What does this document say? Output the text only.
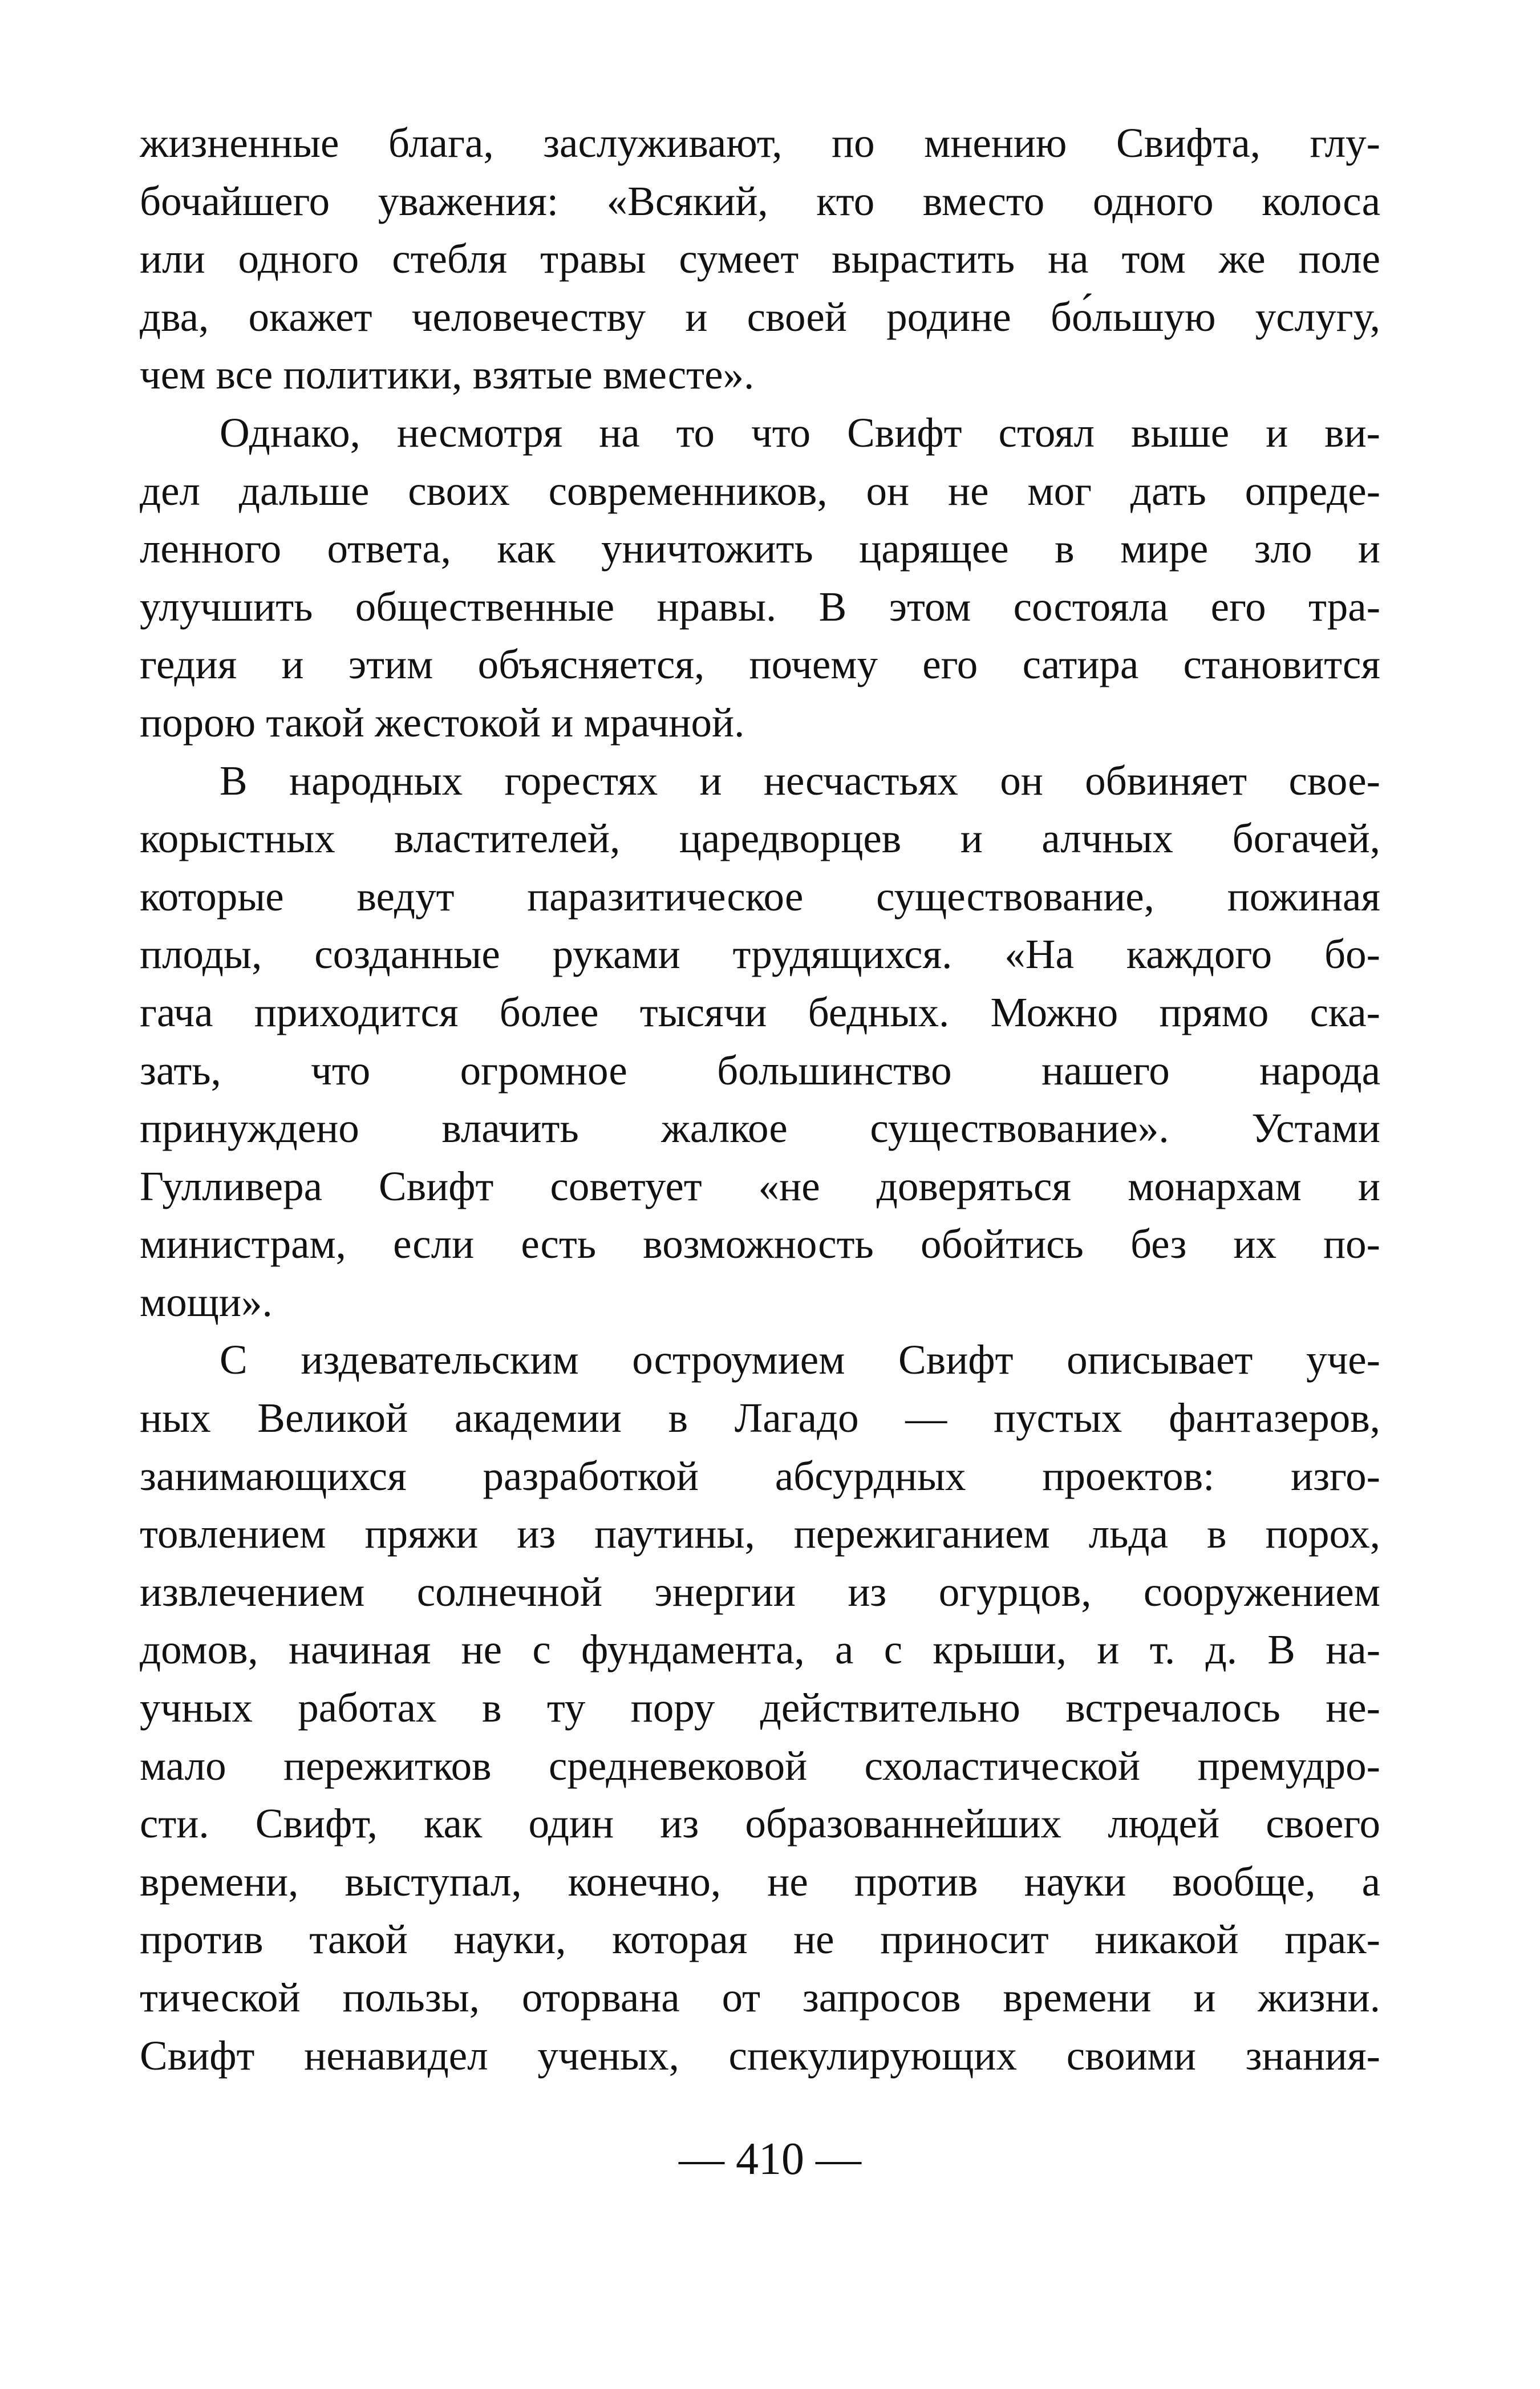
жизненные блага, заслуживают, по мнению Свифта, глу-
бочайшего уважения: «Всякий, кто вместо одного колоса
или одного стебля травы сумеет вырастить на том же поле
два, окажет человечеству и своей родине бо́льшую услугу,
чем все политики, взятые вместе».
Однако, несмотря на то что Свифт стоял выше и ви-
дел дальше своих современников, он не мог дать опреде-
ленного ответа, как уничтожить царящее в мире зло и
улучшить общественные нравы. В этом состояла его тра-
гедия и этим объясняется, почему его сатира становится
порою такой жестокой и мрачной.
В народных горестях и несчастьях он обвиняет свое-
корыстных властителей, царедворцев и алчных богачей,
которые ведут паразитическое существование, пожиная
плоды, созданные руками трудящихся. «На каждого бо-
гача приходится более тысячи бедных. Можно прямо ска-
зать, что огромное большинство нашего народа
принуждено влачить жалкое существование». Устами
Гулливера Свифт советует «не доверяться монархам и
министрам, если есть возможность обойтись без их по-
мощи».
С издевательским остроумием Свифт описывает уче-
ных Великой академии в Лагадо — пустых фантазеров,
занимающихся разработкой абсурдных проектов: изго-
товлением пряжи из паутины, пережиганием льда в порох,
извлечением солнечной энергии из огурцов, сооружением
домов, начиная не с фундамента, а с крыши, и т. д. В на-
учных работах в ту пору действительно встречалось не-
мало пережитков средневековой схоластической премудро-
сти. Свифт, как один из образованнейших людей своего
времени, выступал, конечно, не против науки вообще, а
против такой науки, которая не приносит никакой прак-
тической пользы, оторвана от запросов времени и жизни.
Свифт ненавидел ученых, спекулирующих своими знания-
— 410 —
